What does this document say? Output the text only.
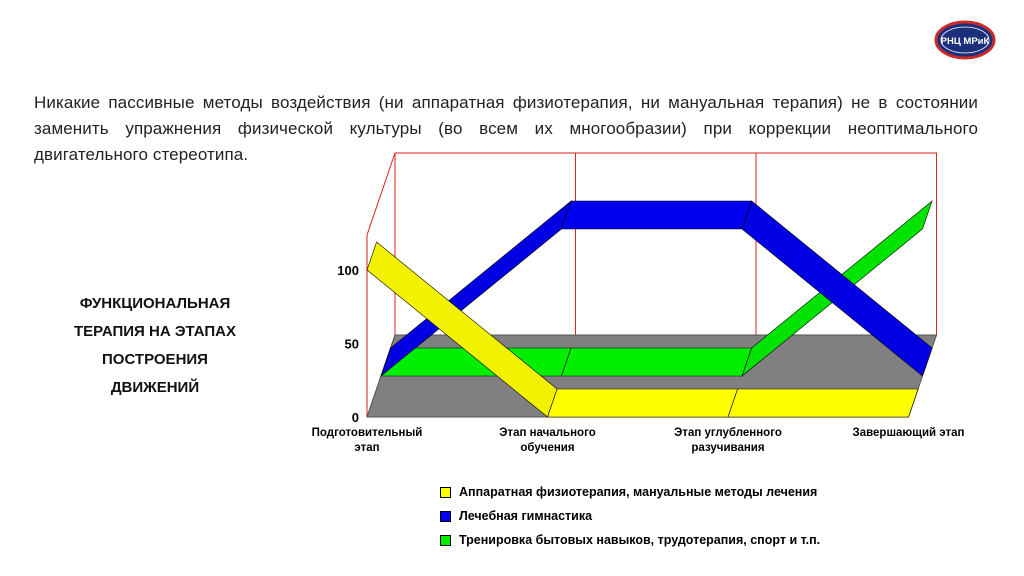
РНЦ МРиК

Никакие пассивные методы воздействия (ни аппаратная физиотерапия, ни мануальная терапия) не в состоянии заменить упражнения физической культуры (во всем их многообразии) при коррекции неоптимального двигательного стереотипа.

ФУНКЦИОНАЛЬНАЯ
ТЕРАПИЯ НА ЭТАПАХ
ПОСТРОЕНИЯ
ДВИЖЕНИЙ
0
50
100
Подготовительный этап
Этап начального обучения
Этап углубленного разучивания
Завершающий этап
Аппаратная физиотерапия, мануальные методы лечения
Лечебная гимнастика
Тренировка бытовых навыков, трудотерапия, спорт и т.п.
